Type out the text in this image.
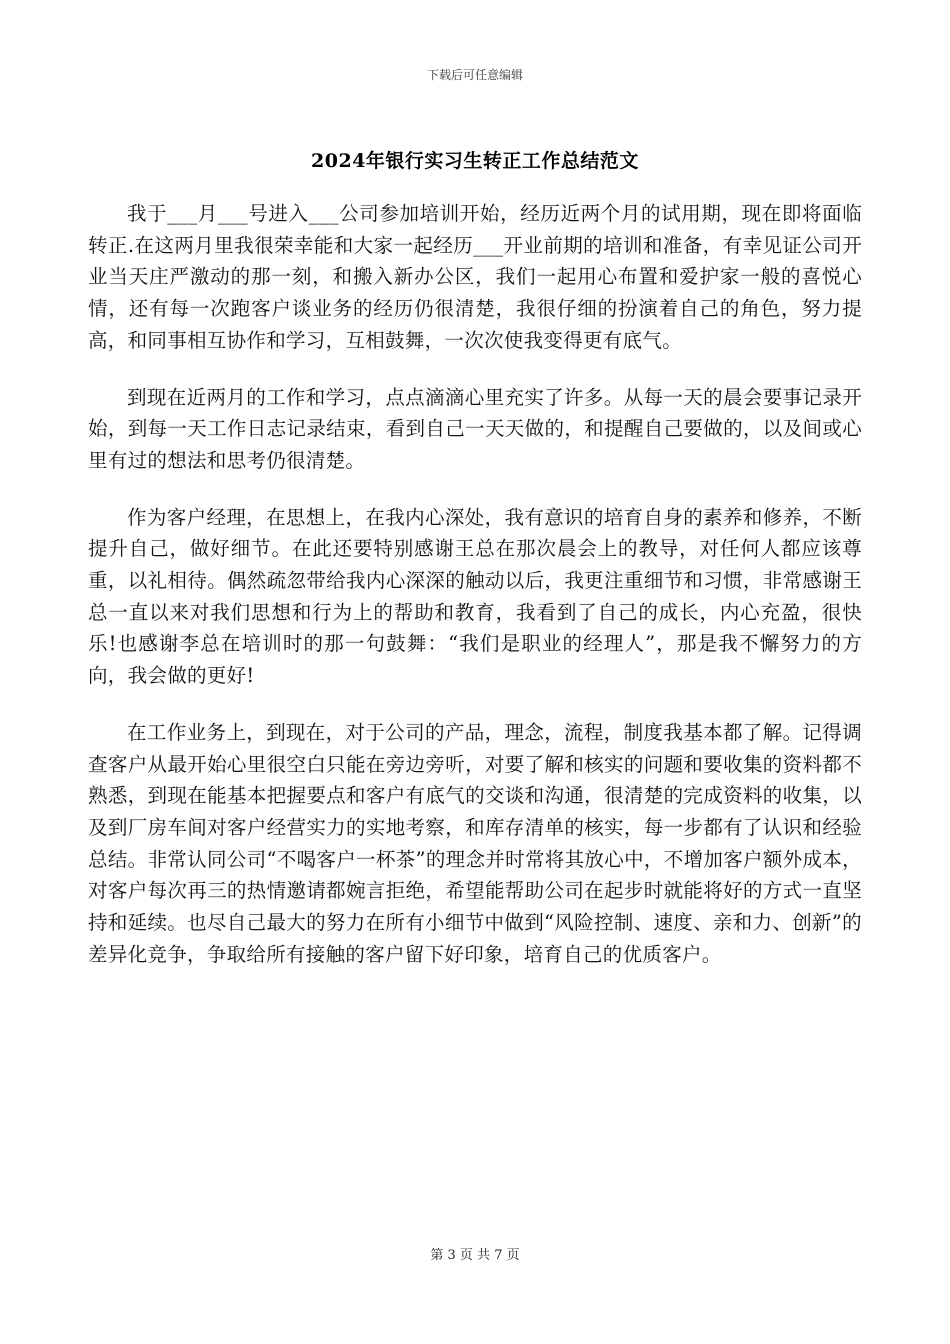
下载后可任意编辑
2024年银行实习生转正工作总结范文

我于___月___号进入___公司参加培训开始，经历近两个月的试用期，现在即将面临转正.在这两月里我很荣幸能和大家一起经历___开业前期的培训和准备，有幸见证公司开业当天庄严激动的那一刻，和搬入新办公区，我们一起用心布置和爱护家一般的喜悦心情，还有每一次跑客户谈业务的经历仍很清楚，我很仔细的扮演着自己的角色，努力提高，和同事相互协作和学习，互相鼓舞，一次次使我变得更有底气。

到现在近两月的工作和学习，点点滴滴心里充实了许多。从每一天的晨会要事记录开始，到每一天工作日志记录结束，看到自己一天天做的，和提醒自己要做的，以及间或心里有过的想法和思考仍很清楚。

作为客户经理，在思想上，在我内心深处，我有意识的培育自身的素养和修养，不断提升自己，做好细节。在此还要特别感谢王总在那次晨会上的教导，对任何人都应该尊重，以礼相待。偶然疏忽带给我内心深深的触动以后，我更注重细节和习惯，非常感谢王总一直以来对我们思想和行为上的帮助和教育，我看到了自己的成长，内心充盈，很快乐!也感谢李总在培训时的那一句鼓舞：“我们是职业的经理人”，那是我不懈努力的方向，我会做的更好!

在工作业务上，到现在，对于公司的产品，理念，流程，制度我基本都了解。记得调查客户从最开始心里很空白只能在旁边旁听，对要了解和核实的问题和要收集的资料都不熟悉，到现在能基本把握要点和客户有底气的交谈和沟通，很清楚的完成资料的收集，以及到厂房车间对客户经营实力的实地考察，和库存清单的核实，每一步都有了认识和经验总结。非常认同公司“不喝客户一杯茶”的理念并时常将其放心中，不增加客户额外成本，对客户每次再三的热情邀请都婉言拒绝，希望能帮助公司在起步时就能将好的方式一直坚持和延续。也尽自己最大的努力在所有小细节中做到“风险控制、速度、亲和力、创新”的差异化竞争，争取给所有接触的客户留下好印象，培育自己的优质客户。

第 3 页 共 7 页
